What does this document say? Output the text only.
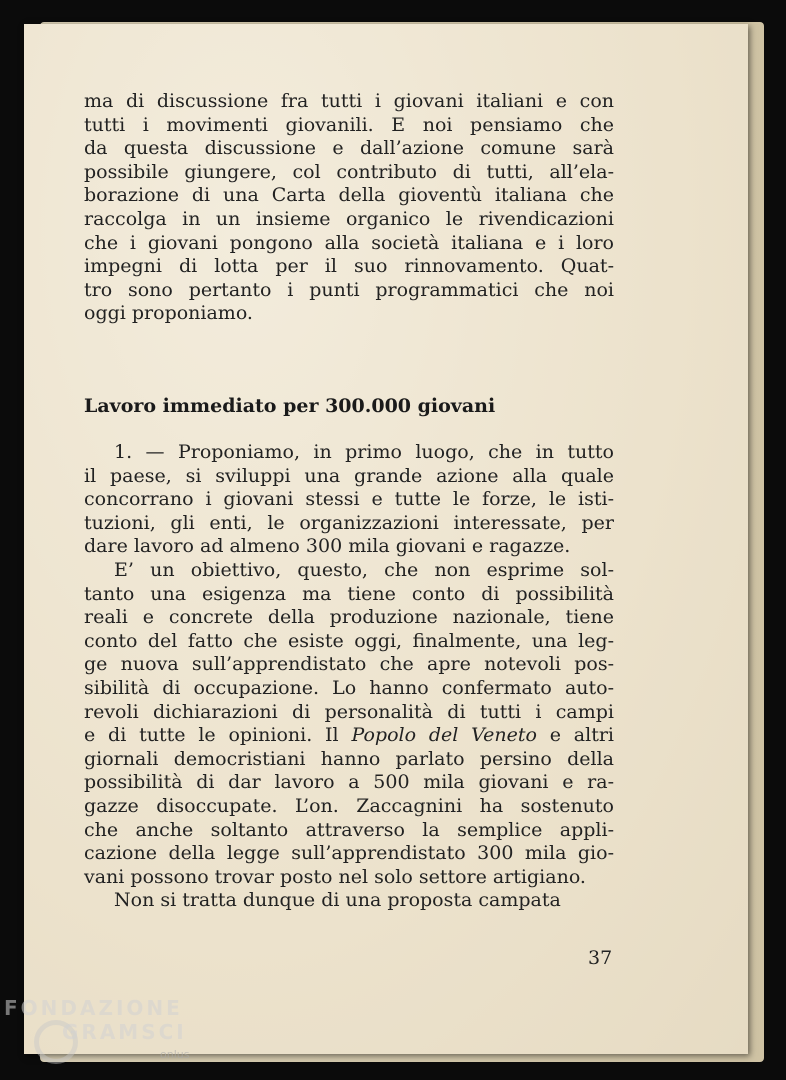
ma di discussione fra tutti i giovani italiani e con
tutti i movimenti giovanili. E noi pensiamo che
da questa discussione e dall’azione comune sarà
possibile giungere, col contributo di tutti, all’ela-
borazione di una Carta della gioventù italiana che
raccolga in un insieme organico le rivendicazioni
che i giovani pongono alla società italiana e i loro
impegni di lotta per il suo rinnovamento. Quat-
tro sono pertanto i punti programmatici che noi
oggi proponiamo.
Lavoro immediato per 300.000 giovani
1. — Proponiamo, in primo luogo, che in tutto
il paese, si sviluppi una grande azione alla quale
concorrano i giovani stessi e tutte le forze, le isti-
tuzioni, gli enti, le organizzazioni interessate, per
dare lavoro ad almeno 300 mila giovani e ragazze.
E’ un obiettivo, questo, che non esprime sol-
tanto una esigenza ma tiene conto di possibilità
reali e concrete della produzione nazionale, tiene
conto del fatto che esiste oggi, finalmente, una leg-
ge nuova sull’apprendistato che apre notevoli pos-
sibilità di occupazione. Lo hanno confermato auto-
revoli dichiarazioni di personalità di tutti i campi
e di tutte le opinioni. Il Popolo del Veneto e altri
giornali democristiani hanno parlato persino della
possibilità di dar lavoro a 500 mila giovani e ra-
gazze disoccupate. L’on. Zaccagnini ha sostenuto
che anche soltanto attraverso la semplice appli-
cazione della legge sull’apprendistato 300 mila gio-
vani possono trovar posto nel solo settore artigiano.
Non si tratta dunque di una proposta campata
37
FONDAZIONE
GRAMSCI
onlus
